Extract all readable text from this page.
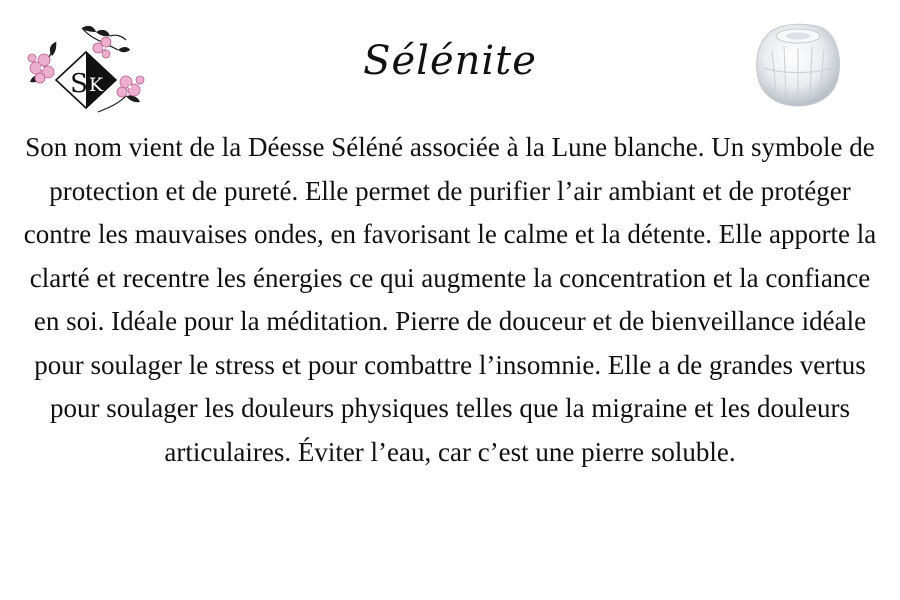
S K
Sélénite

Son nom vient de la Déesse Séléné associée à la Lune blanche. Un symbole de protection et de pureté. Elle permet de purifier l’air ambiant et de protéger contre les mauvaises ondes, en favorisant le calme et la détente. Elle apporte la clarté et recentre les énergies ce qui augmente la concentration et la confiance en soi. Idéale pour la méditation. Pierre de douceur et de bienveillance idéale pour soulager le stress et pour combattre l’insomnie. Elle a de grandes vertus pour soulager les douleurs physiques telles que la migraine et les douleurs articulaires. Éviter l’eau, car c’est une pierre soluble.
